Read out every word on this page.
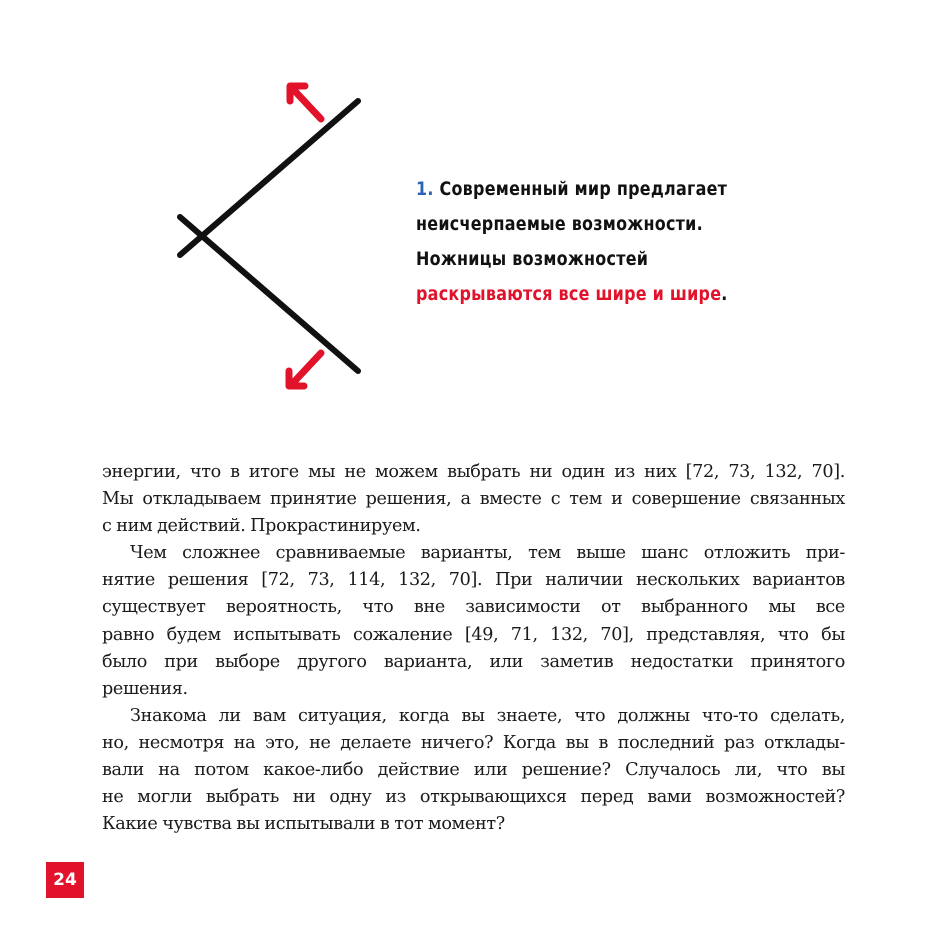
1. Современный мир предлагает
неисчерпаемые возможности.
Ножницы возможностей
раскрываются все шире и шире.
энергии, что в итоге мы не можем выбрать ни один из них [72, 73, 132, 70].
Мы откладываем принятие решения, а вместе с тем и совершение связанных
с ним действий. Прокрастинируем.
Чем сложнее сравниваемые варианты, тем выше шанс отложить при-
нятие решения [72, 73, 114, 132, 70]. При наличии нескольких вариантов
существует вероятность, что вне зависимости от выбранного мы все
равно будем испытывать сожаление [49, 71, 132, 70], представляя, что бы
было при выборе другого варианта, или заметив недостатки принятого
решения.
Знакома ли вам ситуация, когда вы знаете, что должны что-то сделать,
но, несмотря на это, не делаете ничего? Когда вы в последний раз отклады-
вали на потом какое-либо действие или решение? Случалось ли, что вы
не могли выбрать ни одну из открывающихся перед вами возможностей?
Какие чувства вы испытывали в тот момент?
24
